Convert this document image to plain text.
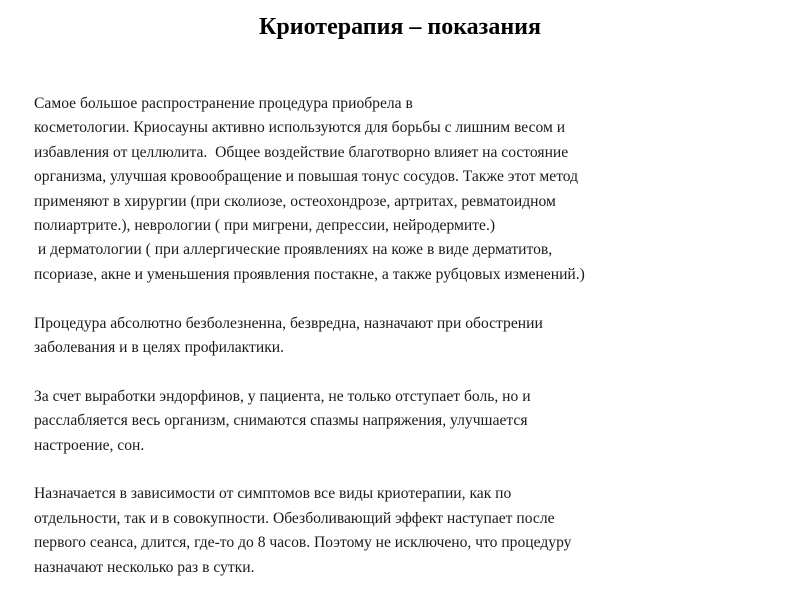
Криотерапия – показания

Самое большое распространение процедура приобрела в
косметологии. Криосауны активно используются для борьбы с лишним весом и
избавления от целлюлита.  Общее воздействие благотворно влияет на состояние
организма, улучшая кровообращение и повышая тонус сосудов. Также этот метод
применяют в хирургии (при сколиозе, остеохондрозе, артритах, ревматоидном
полиартрите.), неврологии ( при мигрени, депрессии, нейродермите.)
и дерматологии ( при аллергические проявлениях на коже в виде дерматитов,
псориазе, акне и уменьшения проявления постакне, а также рубцовых изменений.)

Процедура абсолютно безболезненна, безвредна, назначают при обострении
заболевания и в целях профилактики.

За счет выработки эндорфинов, у пациента, не только отступает боль, но и
расслабляется весь организм, снимаются спазмы напряжения, улучшается
настроение, сон.

Назначается в зависимости от симптомов все виды криотерапии, как по
отдельности, так и в совокупности. Обезболивающий эффект наступает после
первого сеанса, длится, где-то до 8 часов. Поэтому не исключено, что процедуру
назначают несколько раз в сутки.
